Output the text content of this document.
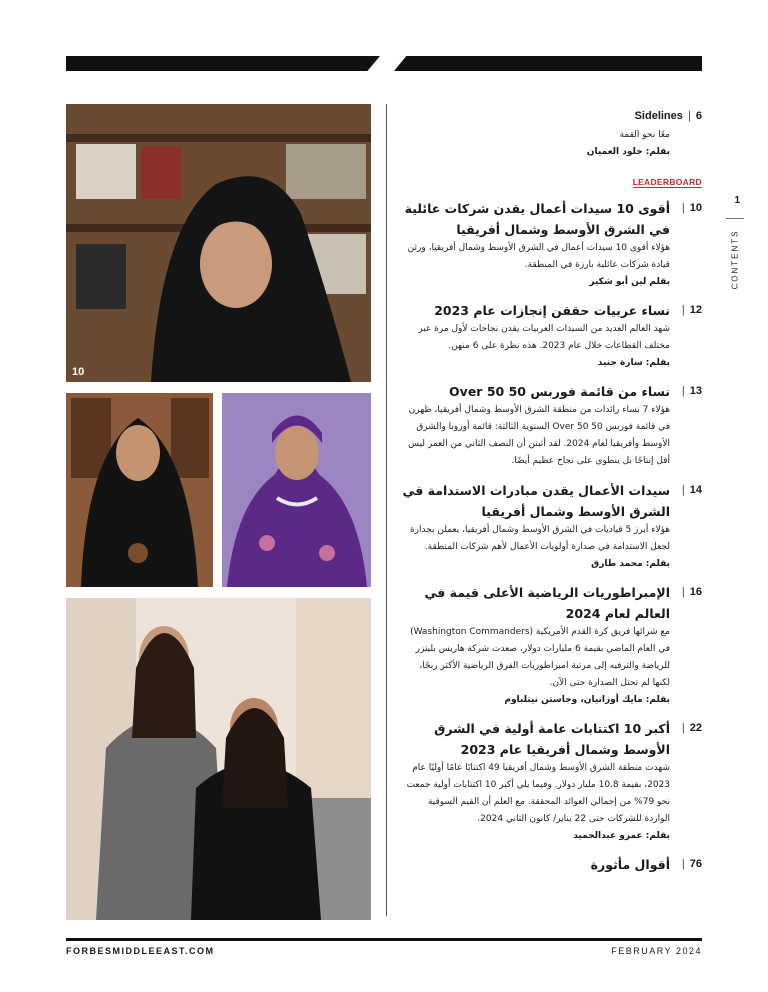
10
1
CONTENTS
Sidelines | 6
معًا نحو القمة
بقلم: خلود العميان
LEADERBOARD
| 10
أقوى 10 سيدات أعمال يقدن شركات عائلية في الشرق الأوسط وشمال أفريقيا
هؤلاء أقوى 10 سيدات أعمال في الشرق الأوسط وشمال أفريقيا، ورثن قيادة شركات عائلية بارزة في المنطقة.
بقلم لين أبو شكير
| 12
نساء عربيات حققن إنجازات عام 2023
شهد العالم العديد من السيدات العربيات يقدن نجاحات لأول مرة عبر مختلف القطاعات خلال عام 2023. هذه نظرة على 6 منهن.
بقلم: سارة جنيد
| 13
نساء من قائمة فوربس 50 Over 50
هؤلاء 7 نساء رائدات من منطقة الشرق الأوسط وشمال أفريقيا، ظهرن في قائمة فوربس 50 Over 50 السنوية الثالثة: قائمة أوروبا والشرق الأوسط وأفريقيا لعام 2024. لقد أثبتن أن النصف الثاني من العمر ليس أقل إنتاجًا بل ينطوي على نجاح عظيم أيضًا.
| 14
سيدات الأعمال يقدن مبادرات الاستدامة في الشرق الأوسط وشمال أفريقيا
هؤلاء أبرز 5 قياديات في الشرق الأوسط وشمال أفريقيا، يعملن بجدارة لجعل الاستدامة في صدارة أولويات الأعمال لأهم شركات المنطقة.
بقلم: محمد طارق
| 16
الإمبراطوريات الرياضية الأعلى قيمة في العالم لعام 2024
مع شرائها فريق كرة القدم الأمريكية (Washington Commanders) في العام الماضي بقيمة 6 مليارات دولار، صعدت شركة هاريس بليتزر للرياضة والترفيه إلى مرتبة امبراطوريات الفرق الرياضية الأكثر ربحًا، لكنها لم تحتل الصدارة حتى الآن.
بقلم: مايك أوزانيان، وجاستن تيتلباوم
| 22
أكبر 10 اكتتابات عامة أولية في الشرق الأوسط وشمال أفريقيا عام 2023
شهدت منطقة الشرق الأوسط وشمال أفريقيا 49 اكتتابًا عامًا أوليًا عام 2023، بقيمة 10.8 مليار دولار. وفيما يلي أكبر 10 اكتتابات أولية جمعت نحو 79% من إجمالي العوائد المحققة. مع العلم أن القيم السوقية الواردة للشركات حتى 22 يناير/ كانون الثاني 2024.
بقلم: عمرو عبدالحميد
| 76
أقوال مأثورة
FORBESMIDDLEEAST.COM	FEBRUARY 2024
